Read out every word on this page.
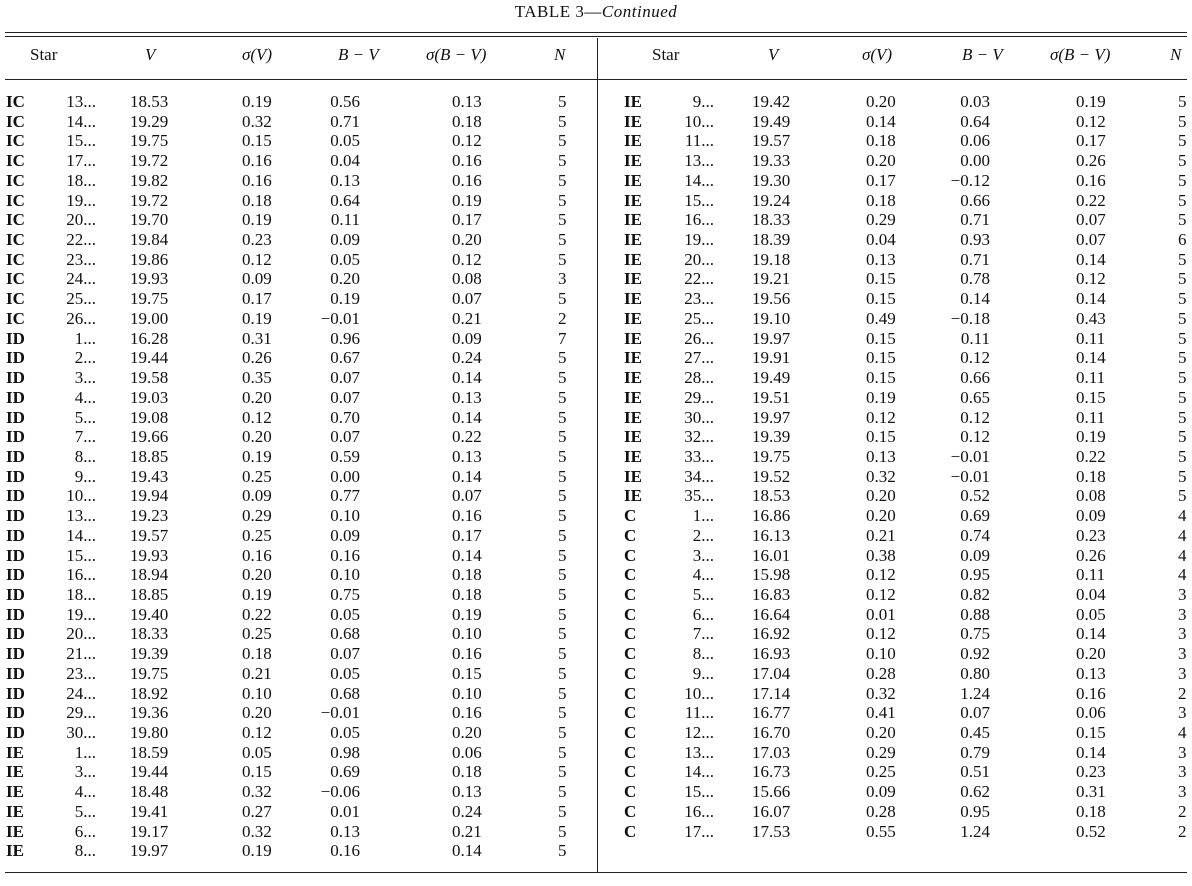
TABLE 3—Continued
Star	V	σ(V)	B − V	σ(B − V)	N	Star	V	σ(V)	B − V	σ(B − V)	N
IC	13... 18.53	0.19	0.56	0.13	5
IC	14... 19.29	0.32	0.71	0.18	5
IC	15... 19.75	0.15	0.05	0.12	5
IC	17... 19.72	0.16	0.04	0.16	5
IC	18... 19.82	0.16	0.13	0.16	5
IC	19... 19.72	0.18	0.64	0.19	5
IC	20... 19.70	0.19	0.11	0.17	5
IC	22... 19.84	0.23	0.09	0.20	5
IC	23... 19.86	0.12	0.05	0.12	5
IC	24... 19.93	0.09	0.20	0.08	3
IC	25... 19.75	0.17	0.19	0.07	5
IC	26... 19.00	0.19	−0.01	0.21	2
ID	1... 16.28	0.31	0.96	0.09	7
ID	2... 19.44	0.26	0.67	0.24	5
ID	3... 19.58	0.35	0.07	0.14	5
ID	4... 19.03	0.20	0.07	0.13	5
ID	5... 19.08	0.12	0.70	0.14	5
ID	7... 19.66	0.20	0.07	0.22	5
ID	8... 18.85	0.19	0.59	0.13	5
ID	9... 19.43	0.25	0.00	0.14	5
ID	10... 19.94	0.09	0.77	0.07	5
ID	13... 19.23	0.29	0.10	0.16	5
ID	14... 19.57	0.25	0.09	0.17	5
ID	15... 19.93	0.16	0.16	0.14	5
ID	16... 18.94	0.20	0.10	0.18	5
ID	18... 18.85	0.19	0.75	0.18	5
ID	19... 19.40	0.22	0.05	0.19	5
ID	20... 18.33	0.25	0.68	0.10	5
ID	21... 19.39	0.18	0.07	0.16	5
ID	23... 19.75	0.21	0.05	0.15	5
ID	24... 18.92	0.10	0.68	0.10	5
ID	29... 19.36	0.20	−0.01	0.16	5
ID	30... 19.80	0.12	0.05	0.20	5
IE	1... 18.59	0.05	0.98	0.06	5
IE	3... 19.44	0.15	0.69	0.18	5
IE	4... 18.48	0.32	−0.06	0.13	5
IE	5... 19.41	0.27	0.01	0.24	5
IE	6... 19.17	0.32	0.13	0.21	5
IE	8... 19.97	0.19	0.16	0.14	5
IE	9... 19.42	0.20	0.03	0.19	5
IE	10... 19.49	0.14	0.64	0.12	5
IE	11... 19.57	0.18	0.06	0.17	5
IE	13... 19.33	0.20	0.00	0.26	5
IE	14... 19.30	0.17	−0.12	0.16	5
IE	15... 19.24	0.18	0.66	0.22	5
IE	16... 18.33	0.29	0.71	0.07	5
IE	19... 18.39	0.04	0.93	0.07	6
IE	20... 19.18	0.13	0.71	0.14	5
IE	22... 19.21	0.15	0.78	0.12	5
IE	23... 19.56	0.15	0.14	0.14	5
IE	25... 19.10	0.49	−0.18	0.43	5
IE	26... 19.97	0.15	0.11	0.11	5
IE	27... 19.91	0.15	0.12	0.14	5
IE	28... 19.49	0.15	0.66	0.11	5
IE	29... 19.51	0.19	0.65	0.15	5
IE	30... 19.97	0.12	0.12	0.11	5
IE	32... 19.39	0.15	0.12	0.19	5
IE	33... 19.75	0.13	−0.01	0.22	5
IE	34... 19.52	0.32	−0.01	0.18	5
IE	35... 18.53	0.20	0.52	0.08	5
C	1... 16.86	0.20	0.69	0.09	4
C	2... 16.13	0.21	0.74	0.23	4
C	3... 16.01	0.38	0.09	0.26	4
C	4... 15.98	0.12	0.95	0.11	4
C	5... 16.83	0.12	0.82	0.04	3
C	6... 16.64	0.01	0.88	0.05	3
C	7... 16.92	0.12	0.75	0.14	3
C	8... 16.93	0.10	0.92	0.20	3
C	9... 17.04	0.28	0.80	0.13	3
C	10... 17.14	0.32	1.24	0.16	2
C	11... 16.77	0.41	0.07	0.06	3
C	12... 16.70	0.20	0.45	0.15	4
C	13... 17.03	0.29	0.79	0.14	3
C	14... 16.73	0.25	0.51	0.23	3
C	15... 15.66	0.09	0.62	0.31	3
C	16... 16.07	0.28	0.95	0.18	2
C	17... 17.53	0.55	1.24	0.52	2
